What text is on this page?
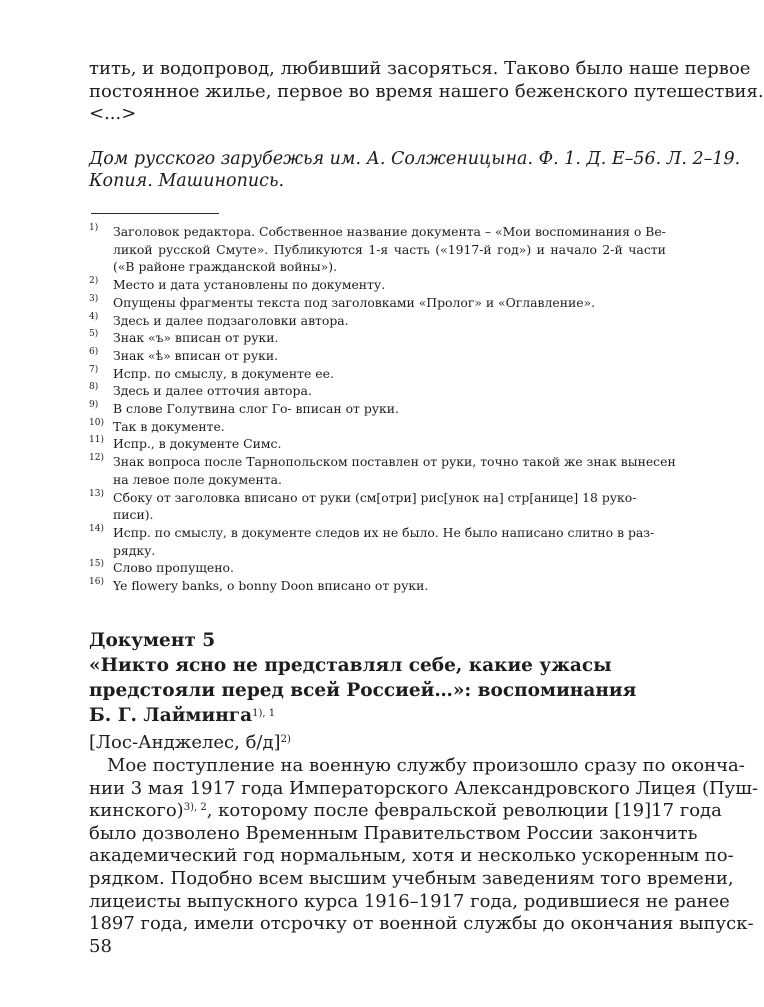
тить, и водопровод, любивший засоряться. Таково было наше первое
постоянное жилье, первое во время нашего беженского путешествия.
<...>
Дом русского зарубежья им. А. Солженицына. Ф. 1. Д. Е–56. Л. 2–19.
Копия. Машинопись.
$^{1)}$	Заголовок редактора. Собственное название документа – «Мои воспоминания о Ве-
ликой русской Смуте». Публикуются 1-я часть («1917-й год») и начало 2-й части
(«В районе гражданской войны»).
$^{2)}$	Место и дата установлены по документу.
$^{3)}$	Опущены фрагменты текста под заголовками «Пролог» и «Оглавление».
$^{4)}$	Здесь и далее подзаголовки автора.
$^{5)}$	Знак «ъ» вписан от руки.
$^{6)}$	Знак «ѣ» вписан от руки.
$^{7)}$	Испр. по смыслу, в документе ее.
$^{8)}$	Здесь и далее отточия автора.
$^{9)}$	В слове Голутвина слог Го- вписан от руки.
$^{10)}$ Так в документе.
$^{11)}$ Испр., в документе Симс.
$^{12)}$ Знак вопроса после Тарнопольском поставлен от руки, точно такой же знак вынесен
на левое поле документа.
$^{13)}$ Сбоку от заголовка вписано от руки (см[отри] рис[унок на] стр[анице] 18 руко-
писи).
$^{14)}$ Испр. по смыслу, в документе следов их не было. Не было написано слитно в раз-
рядку.
$^{15)}$ Слово пропущено.
$^{16)}$ Ye flowery banks, o bonny Doon вписано от руки.
Документ 5
«Никто ясно не представлял себе, какие ужасы
предстояли перед всей Россией…»: воспоминания
Б. Г. Лайминга$^{1), 1}$
[Лос-Анджелес, б/д]$^{2)}$
Мое поступление на военную службу произошло сразу по оконча-
нии 3 мая 1917 года Императорского Александровского Лицея (Пуш-
кинского)$^{3), 2}$, которому после февральской революции [19]17 года
было дозволено Временным Правительством России закончить
академический год нормальным, хотя и несколько ускоренным по-
рядком. Подобно всем высшим учебным заведениям того времени,
лицеисты выпускного курса 1916–1917 года, родившиеся не ранее
1897 года, имели отсрочку от военной службы до окончания выпуск-
58
